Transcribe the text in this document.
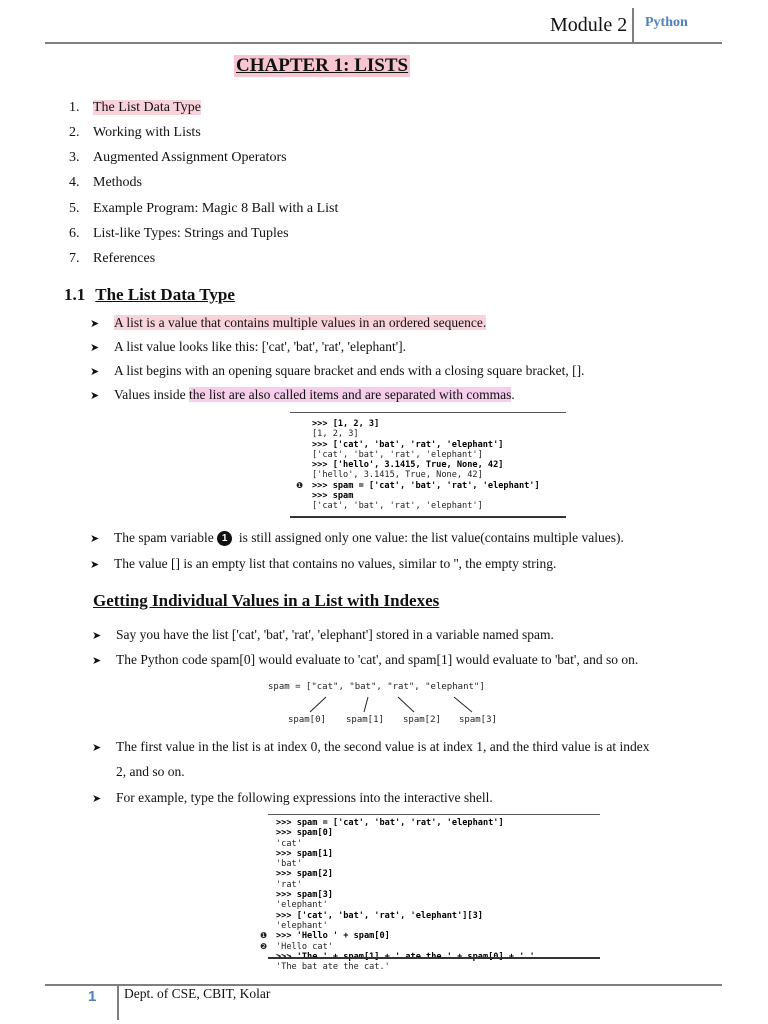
Module 2 Python
CHAPTER 1: LISTS
1. The List Data Type
2. Working with Lists
3. Augmented Assignment Operators
4. Methods
5. Example Program: Magic 8 Ball with a List
6. List-like Types: Strings and Tuples
7. References
1.1 The List Data Type
➤ A list is a value that contains multiple values in an ordered sequence.
➤ A list value looks like this: ['cat', 'bat', 'rat', 'elephant'].
➤ A list begins with an opening square bracket and ends with a closing square bracket, [].
➤ Values inside the list are also called items and are separated with commas.
>>> [1, 2, 3]
[1, 2, 3]
>>> ['cat', 'bat', 'rat', 'elephant']
['cat', 'bat', 'rat', 'elephant']
>>> ['hello', 3.1415, True, None, 42]
['hello', 3.1415, True, None, 42]
❶ >>> spam = ['cat', 'bat', 'rat', 'elephant']
>>> spam
['cat', 'bat', 'rat', 'elephant']
➤ The spam variable 1 is still assigned only one value: the list value(contains multiple values).
➤ The value [] is an empty list that contains no values, similar to '', the empty string.
Getting Individual Values in a List with Indexes
➤ Say you have the list ['cat', 'bat', 'rat', 'elephant'] stored in a variable named spam.
➤ The Python code spam[0] would evaluate to 'cat', and spam[1] would evaluate to 'bat', and so on.
spam = ["cat", "bat", "rat", "elephant"]
spam[0] spam[1] spam[2] spam[3]
➤ The first value in the list is at index 0, the second value is at index 1, and the third value is at index
2, and so on.
➤ For example, type the following expressions into the interactive shell.
>>> spam = ['cat', 'bat', 'rat', 'elephant']
>>> spam[0]
'cat'
>>> spam[1]
'bat'
>>> spam[2]
'rat'
>>> spam[3]
'elephant'
>>> ['cat', 'bat', 'rat', 'elephant'][3]
'elephant'
❶ >>> 'Hello ' + spam[0]
❷ 'Hello cat'
'The bat ate the cat.'
1 Dept. of CSE, CBIT, Kolar
